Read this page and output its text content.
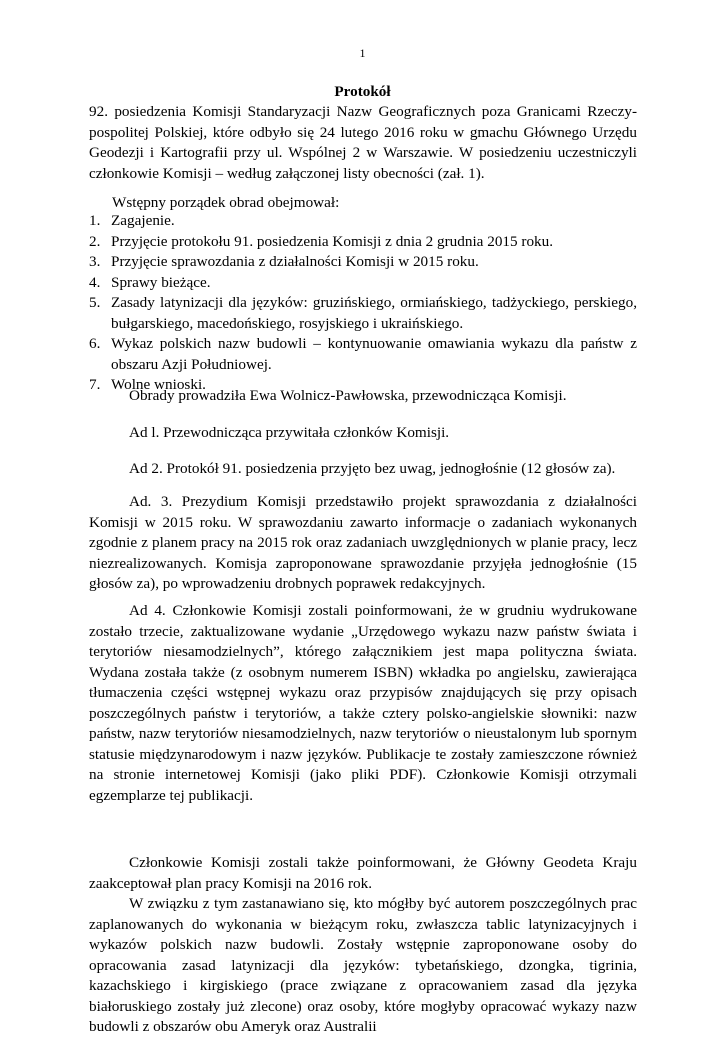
1
Protokół
92. posiedzenia Komisji Standaryzacji Nazw Geograficznych poza Granicami Rzeczy-pospolitej Polskiej, które odbyło się 24 lutego 2016 roku w gmachu Głównego Urzędu Geodezji i Kartografii przy ul. Wspólnej 2 w Warszawie. W posiedzeniu uczestniczyli członkowie Komisji – według załączonej listy obecności (zał. 1).
Wstępny porządek obrad obejmował:
1. Zagajenie.
2. Przyjęcie protokołu 91. posiedzenia Komisji z dnia 2 grudnia 2015 roku.
3. Przyjęcie sprawozdania z działalności Komisji w 2015 roku.
4. Sprawy bieżące.
5. Zasady latynizacji dla języków: gruzińskiego, ormiańskiego, tadżyckiego, perskiego, bułgarskiego, macedońskiego, rosyjskiego i ukraińskiego.
6. Wykaz polskich nazw budowli – kontynuowanie omawiania wykazu dla państw z obszaru Azji Południowej.
7. Wolne wnioski.
Obrady prowadziła Ewa Wolnicz-Pawłowska, przewodnicząca Komisji.
Ad l. Przewodnicząca przywitała członków Komisji.
Ad 2. Protokół 91. posiedzenia przyjęto bez uwag, jednogłośnie (12 głosów za).
Ad. 3. Prezydium Komisji przedstawiło projekt sprawozdania z działalności Komisji w 2015 roku. W sprawozdaniu zawarto informacje o zadaniach wykonanych zgodnie z planem pracy na 2015 rok oraz zadaniach uwzględnionych w planie pracy, lecz niezrealizowanych. Komisja zaproponowane sprawozdanie przyjęła jednogłośnie (15 głosów za), po wprowadzeniu drobnych poprawek redakcyjnych.
Ad 4. Członkowie Komisji zostali poinformowani, że w grudniu wydrukowane zostało trzecie, zaktualizowane wydanie „Urzędowego wykazu nazw państw świata i terytoriów niesamodzielnych”, którego załącznikiem jest mapa polityczna świata. Wydana została także (z osobnym numerem ISBN) wkładka po angielsku, zawierająca tłumaczenia części wstępnej wykazu oraz przypisów znajdujących się przy opisach poszczególnych państw i terytoriów, a także cztery polsko-angielskie słowniki: nazw państw, nazw terytoriów niesamodzielnych, nazw terytoriów o nieustalonym lub spornym statusie międzynarodowym i nazw języków. Publikacje te zostały zamieszczone również na stronie internetowej Komisji (jako pliki PDF). Członkowie Komisji otrzymali egzemplarze tej publikacji.
Członkowie Komisji zostali także poinformowani, że Główny Geodeta Kraju zaakceptował plan pracy Komisji na 2016 rok.
W związku z tym zastanawiano się, kto mógłby być autorem poszczególnych prac zaplanowanych do wykonania w bieżącym roku, zwłaszcza tablic latynizacyjnych i wykazów polskich nazw budowli. Zostały wstępnie zaproponowane osoby do opracowania zasad latynizacji dla języków: tybetańskiego, dzongka, tigrinia, kazachskiego i kirgiskiego (prace związane z opracowaniem zasad dla języka białoruskiego zostały już zlecone) oraz osoby, które mogłyby opracować wykazy nazw budowli z obszarów obu Ameryk oraz Australii
